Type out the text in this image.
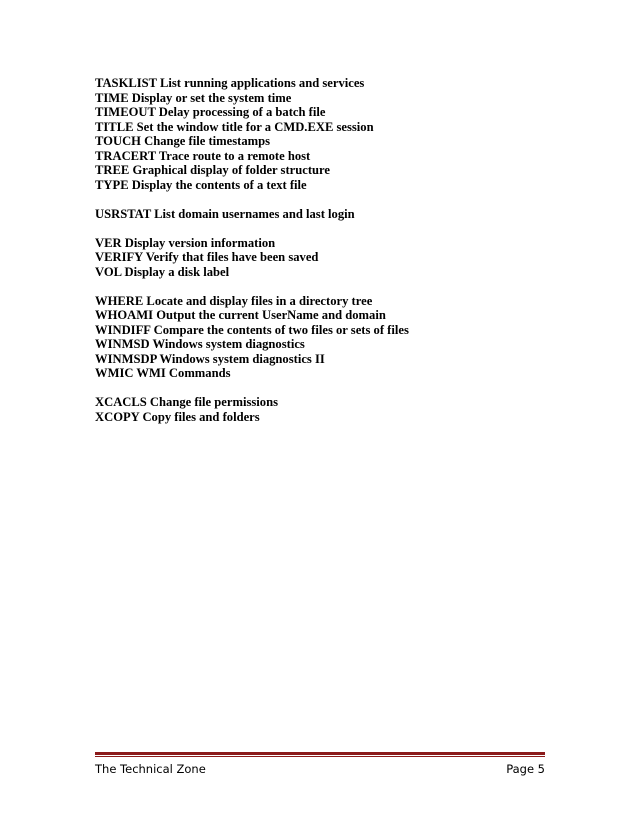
TASKLIST List running applications and services
TIME Display or set the system time
TIMEOUT Delay processing of a batch file
TITLE Set the window title for a CMD.EXE session
TOUCH Change file timestamps
TRACERT Trace route to a remote host
TREE Graphical display of folder structure
TYPE Display the contents of a text file
USRSTAT List domain usernames and last login
VER Display version information
VERIFY Verify that files have been saved
VOL Display a disk label
WHERE Locate and display files in a directory tree
WHOAMI Output the current UserName and domain
WINDIFF Compare the contents of two files or sets of files
WINMSD Windows system diagnostics
WINMSDP Windows system diagnostics II
WMIC WMI Commands
XCACLS Change file permissions
XCOPY Copy files and folders
The Technical Zone	Page 5
